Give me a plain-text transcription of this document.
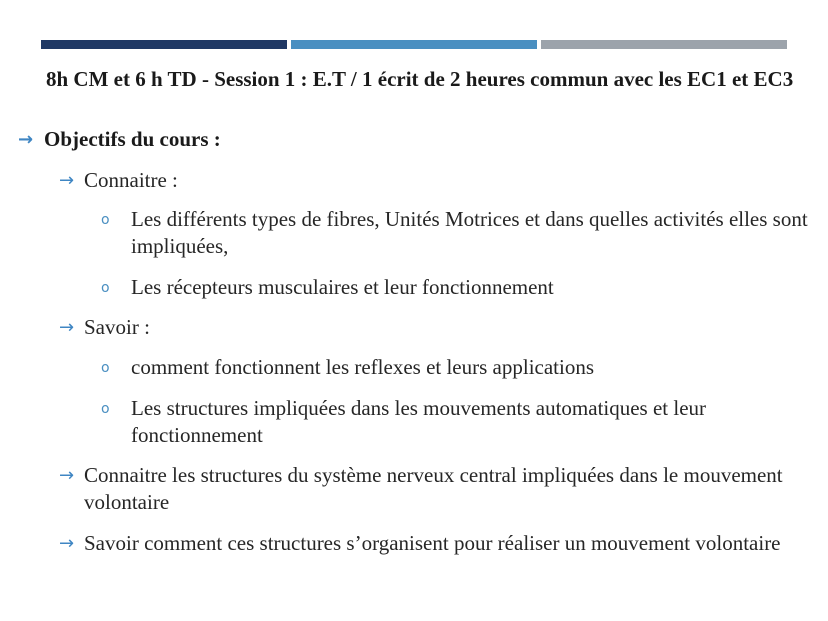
8h CM et 6 h TD - Session 1 : E.T / 1 écrit de 2 heures commun avec les EC1 et EC3
→ Objectifs du cours :
→ Connaitre :
o Les différents types de fibres, Unités Motrices et dans quelles activités elles sont impliquées,
o Les récepteurs musculaires et leur fonctionnement
→ Savoir :
o comment fonctionnent les reflexes et leurs applications
o Les structures impliquées dans les mouvements automatiques et leur fonctionnement
→ Connaitre les structures du système nerveux central impliquées dans le mouvement volontaire
→ Savoir comment ces structures s’organisent pour réaliser un mouvement volontaire
